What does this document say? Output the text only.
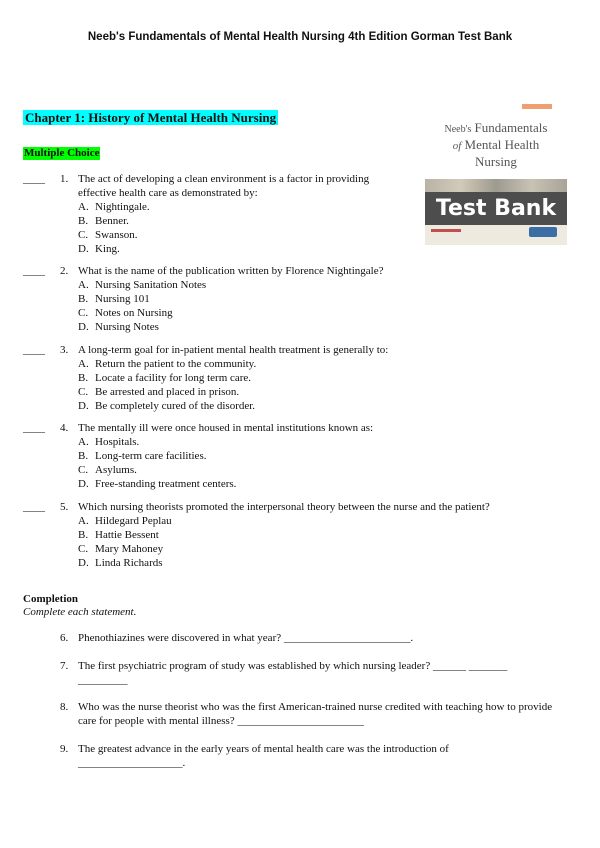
Neeb's Fundamentals of Mental Health Nursing 4th Edition Gorman Test Bank
Chapter 1: History of Mental Health Nursing
Multiple Choice
Neeb's Fundamentals
of Mental Health
Nursing
Test Bank
____ 1. The act of developing a clean environment is a factor in providing effective health care as demonstrated by:
A. Nightingale.
B. Benner.
C. Swanson.
D. King.
____ 2. What is the name of the publication written by Florence Nightingale?
A. Nursing Sanitation Notes
B. Nursing 101
C. Notes on Nursing
D. Nursing Notes
____ 3. A long-term goal for in-patient mental health treatment is generally to:
A. Return the patient to the community.
B. Locate a facility for long term care.
C. Be arrested and placed in prison.
D. Be completely cured of the disorder.
____ 4. The mentally ill were once housed in mental institutions known as:
A. Hospitals.
B. Long-term care facilities.
C. Asylums.
D. Free-standing treatment centers.
____ 5. Which nursing theorists promoted the interpersonal theory between the nurse and the patient?
A. Hildegard Peplau
B. Hattie Bessent
C. Mary Mahoney
D. Linda Richards
Completion
Complete each statement.
6. Phenothiazines were discovered in what year? _______________________.
7. The first psychiatric program of study was established by which nursing leader? ______ _______ _________
8. Who was the nurse theorist who was the first American-trained nurse credited with teaching how to provide care for people with mental illness? _______________________
9. The greatest advance in the early years of mental health care was the introduction of ___________________.
